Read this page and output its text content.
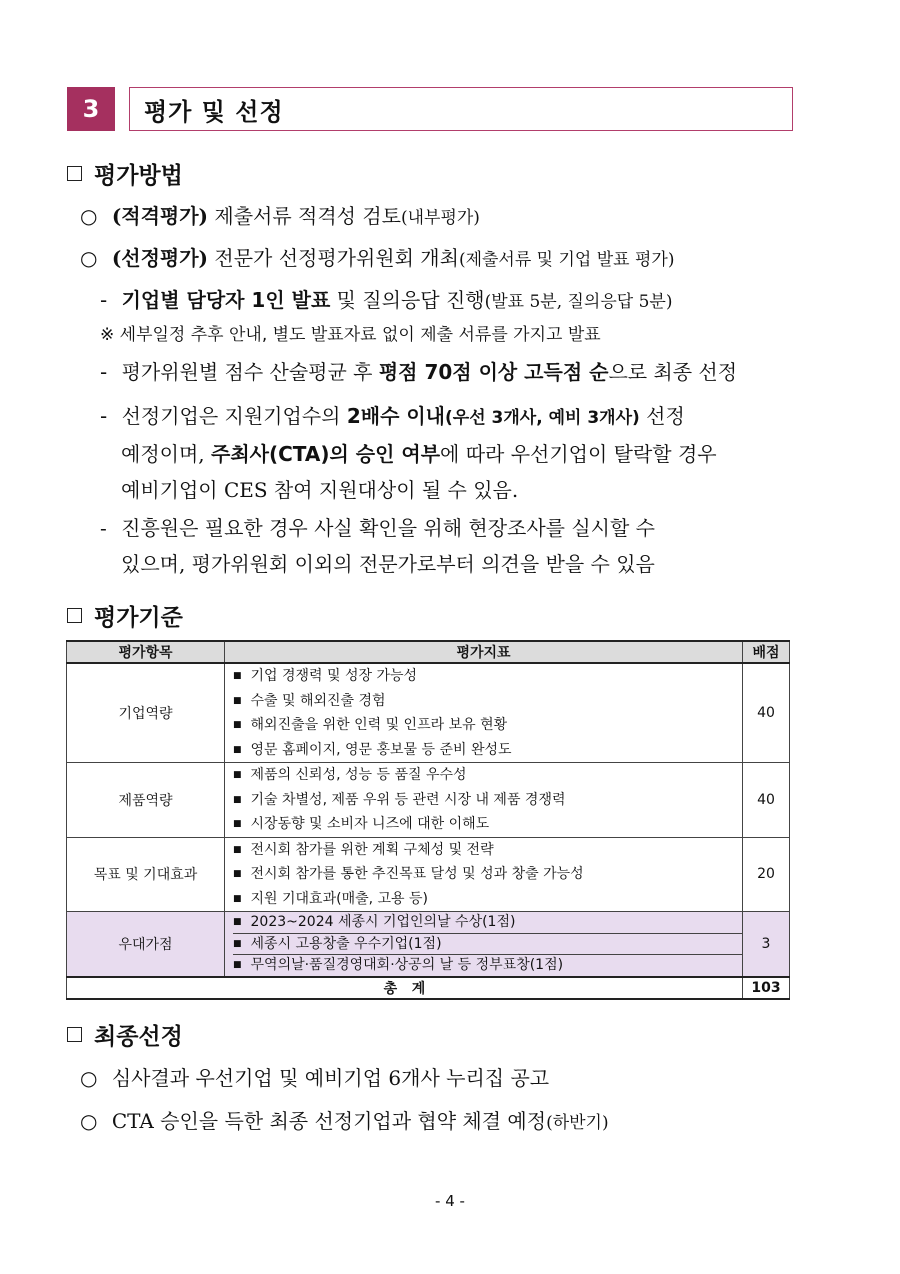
3	평가 및 선정
평가방법
○ (적격평가) 제출서류 적격성 검토(내부평가)
○ (선정평가) 전문가 선정평가위원회 개최(제출서류 및 기업 발표 평가)
- 기업별 담당자 1인 발표 및 질의응답 진행(발표 5분, 질의응답 5분)
※ 세부일정 추후 안내, 별도 발표자료 없이 제출 서류를 가지고 발표
- 평가위원별 점수 산술평균 후 평점 70점 이상 고득점 순으로 최종 선정
- 선정기업은 지원기업수의 2배수 이내(우선 3개사, 예비 3개사) 선정
예정이며, 주최사(CTA)의 승인 여부에 따라 우선기업이 탈락할 경우
예비기업이 CES 참여 지원대상이 될 수 있음.
- 진흥원은 필요한 경우 사실 확인을 위해 현장조사를 실시할 수
있으며, 평가위원회 이외의 전문가로부터 의견을 받을 수 있음
평가기준
평가항목	평가지표	배점
기업역량	■ 기업 경쟁력 및 성장 가능성
■ 수출 및 해외진출 경험
■ 해외진출을 위한 인력 및 인프라 보유 현황
■ 영문 홈페이지, 영문 홍보물 등 준비 완성도	40
제품역량	■ 제품의 신뢰성, 성능 등 품질 우수성
■ 기술 차별성, 제품 우위 등 관련 시장 내 제품 경쟁력
■ 시장동향 및 소비자 니즈에 대한 이해도	40
목표 및 기대효과	■ 전시회 참가를 위한 계획 구체성 및 전략
■ 전시회 참가를 통한 추진목표 달성 및 성과 창출 가능성
■ 지원 기대효과(매출, 고용 등)	20
우대가점	■ 2023~2024 세종시 기업인의날 수상(1점)
■ 세종시 고용창출 우수기업(1점)
■ 무역의날·품질경영대회·상공의 날 등 정부표창(1점)	3
총   계		103
최종선정
○ 심사결과 우선기업 및 예비기업 6개사 누리집 공고
○ CTA 승인을 득한 최종 선정기업과 협약 체결 예정(하반기)
- 4 -
